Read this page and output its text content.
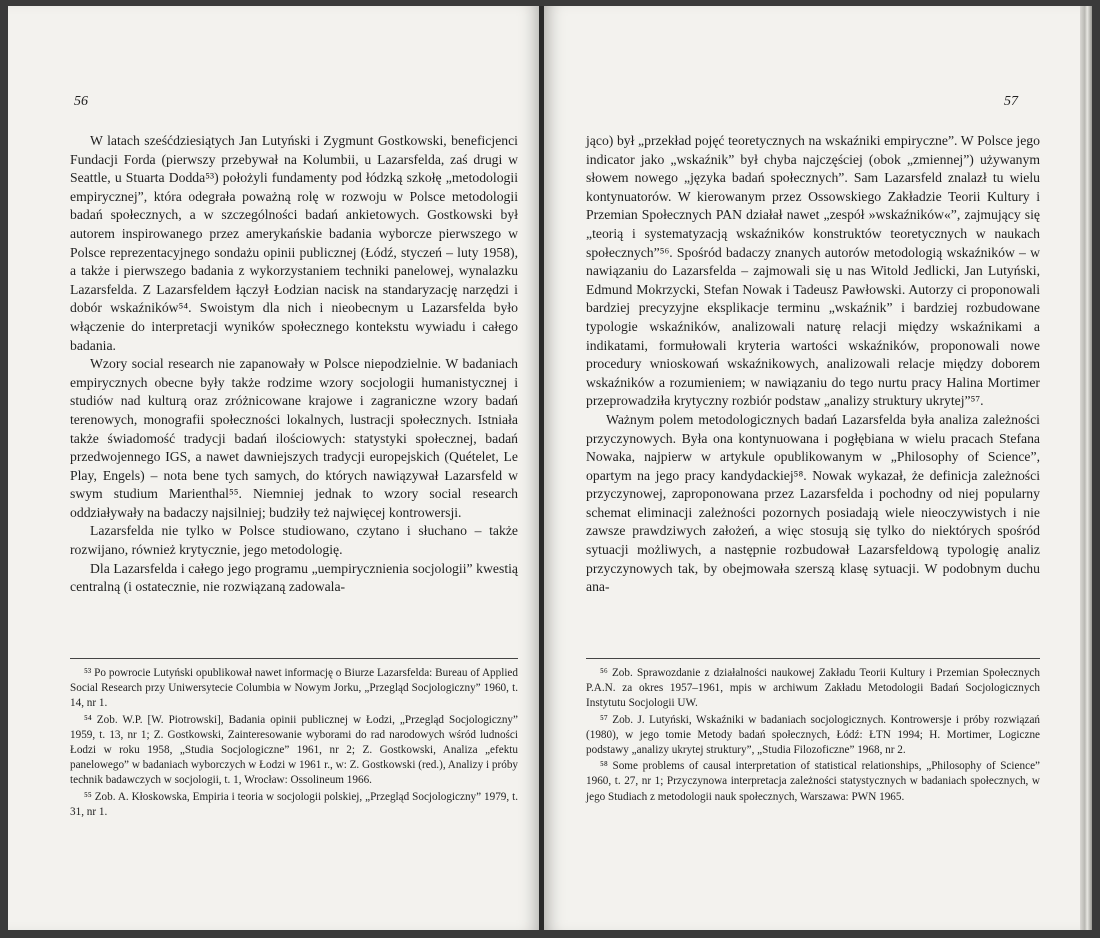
56

W latach sześćdziesiątych Jan Lutyński i Zygmunt Gostkowski, beneficjenci Fundacji Forda (pierwszy przebywał na Kolumbii, u Lazarsfelda, zaś drugi w Seattle, u Stuarta Dodda⁵³) położyli fundamenty pod łódzką szkołę „metodologii empirycznej”, która odegrała poważną rolę w rozwoju w Polsce metodologii badań społecznych, a w szczególności badań ankietowych. Gostkowski był autorem inspirowanego przez amerykańskie badania wyborcze pierwszego w Polsce reprezentacyjnego sondażu opinii publicznej (Łódź, styczeń – luty 1958), a także i pierwszego badania z wykorzystaniem techniki panelowej, wynalazku Lazarsfelda. Z Lazarsfeldem łączył Łodzian nacisk na standaryzację narzędzi i dobór wskaźników⁵⁴. Swoistym dla nich i nieobecnym u Lazarsfelda było włączenie do interpretacji wyników społecznego kontekstu wywiadu i całego badania.

Wzory social research nie zapanowały w Polsce niepodzielnie. W badaniach empirycznych obecne były także rodzime wzory socjologii humanistycznej i studiów nad kulturą oraz zróżnicowane krajowe i zagraniczne wzory badań terenowych, monografii społeczności lokalnych, lustracji społecznych. Istniała także świadomość tradycji badań ilościowych: statystyki społecznej, badań przedwojennego IGS, a nawet dawniejszych tradycji europejskich (Quételet, Le Play, Engels) – nota bene tych samych, do których nawiązywał Lazarsfeld w swym studium Marienthal⁵⁵. Niemniej jednak to wzory social research oddziaływały na badaczy najsilniej; budziły też najwięcej kontrowersji.

Lazarsfelda nie tylko w Polsce studiowano, czytano i słuchano – także rozwijano, również krytycznie, jego metodologię.

Dla Lazarsfelda i całego jego programu „uempirycznienia socjologii” kwestią centralną (i ostatecznie, nie rozwiązaną zadowala-

⁵³ Po powrocie Lutyński opublikował nawet informację o Biurze Lazarsfelda: Bureau of Applied Social Research przy Uniwersytecie Columbia w Nowym Jorku, „Przegląd Socjologiczny” 1960, t. 14, nr 1.

⁵⁴ Zob. W.P. [W. Piotrowski], Badania opinii publicznej w Łodzi, „Przegląd Socjologiczny” 1959, t. 13, nr 1; Z. Gostkowski, Zainteresowanie wyborami do rad narodowych wśród ludności Łodzi w roku 1958, „Studia Socjologiczne” 1961, nr 2; Z. Gostkowski, Analiza „efektu panelowego” w badaniach wyborczych w Łodzi w 1961 r., w: Z. Gostkowski (red.), Analizy i próby technik badawczych w socjologii, t. 1, Wrocław: Ossolineum 1966.

⁵⁵ Zob. A. Kłoskowska, Empiria i teoria w socjologii polskiej, „Przegląd Socjologiczny” 1979, t. 31, nr 1.

57

jąco) był „przekład pojęć teoretycznych na wskaźniki empiryczne”. W Polsce jego indicator jako „wskaźnik” był chyba najczęściej (obok „zmiennej”) używanym słowem nowego „języka badań społecznych”. Sam Lazarsfeld znalazł tu wielu kontynuatorów. W kierowanym przez Ossowskiego Zakładzie Teorii Kultury i Przemian Społecznych PAN działał nawet „zespół »wskaźników«”, zajmujący się „teorią i systematyzacją wskaźników konstruktów teoretycznych w naukach społecznych”⁵⁶. Spośród badaczy znanych autorów metodologią wskaźników – w nawiązaniu do Lazarsfelda – zajmowali się u nas Witold Jedlicki, Jan Lutyński, Edmund Mokrzycki, Stefan Nowak i Tadeusz Pawłowski. Autorzy ci proponowali bardziej precyzyjne eksplikacje terminu „wskaźnik” i bardziej rozbudowane typologie wskaźników, analizowali naturę relacji między wskaźnikami a indikatami, formułowali kryteria wartości wskaźników, proponowali nowe procedury wnioskowań wskaźnikowych, analizowali relacje między doborem wskaźników a rozumieniem; w nawiązaniu do tego nurtu pracy Halina Mortimer przeprowadziła krytyczny rozbiór podstaw „analizy struktury ukrytej”⁵⁷.

Ważnym polem metodologicznych badań Lazarsfelda była analiza zależności przyczynowych. Była ona kontynuowana i pogłębiana w wielu pracach Stefana Nowaka, najpierw w artykule opublikowanym w „Philosophy of Science”, opartym na jego pracy kandydackiej⁵⁸. Nowak wykazał, że definicja zależności przyczynowej, zaproponowana przez Lazarsfelda i pochodny od niej popularny schemat eliminacji zależności pozornych posiadają wiele nieoczywistych i nie zawsze prawdziwych założeń, a więc stosują się tylko do niektórych spośród sytuacji możliwych, a następnie rozbudował Lazarsfeldową typologię analiz przyczynowych tak, by obejmowała szerszą klasę sytuacji. W podobnym duchu ana-

⁵⁶ Zob. Sprawozdanie z działalności naukowej Zakładu Teorii Kultury i Przemian Społecznych P.A.N. za okres 1957–1961, mpis w archiwum Zakładu Metodologii Badań Socjologicznych Instytutu Socjologii UW.

⁵⁷ Zob. J. Lutyński, Wskaźniki w badaniach socjologicznych. Kontrowersje i próby rozwiązań (1980), w jego tomie Metody badań społecznych, Łódź: ŁTN 1994; H. Mortimer, Logiczne podstawy „analizy ukrytej struktury”, „Studia Filozoficzne” 1968, nr 2.

⁵⁸ Some problems of causal interpretation of statistical relationships, „Philosophy of Science” 1960, t. 27, nr 1; Przyczynowa interpretacja zależności statystycznych w badaniach społecznych, w jego Studiach z metodologii nauk społecznych, Warszawa: PWN 1965.
